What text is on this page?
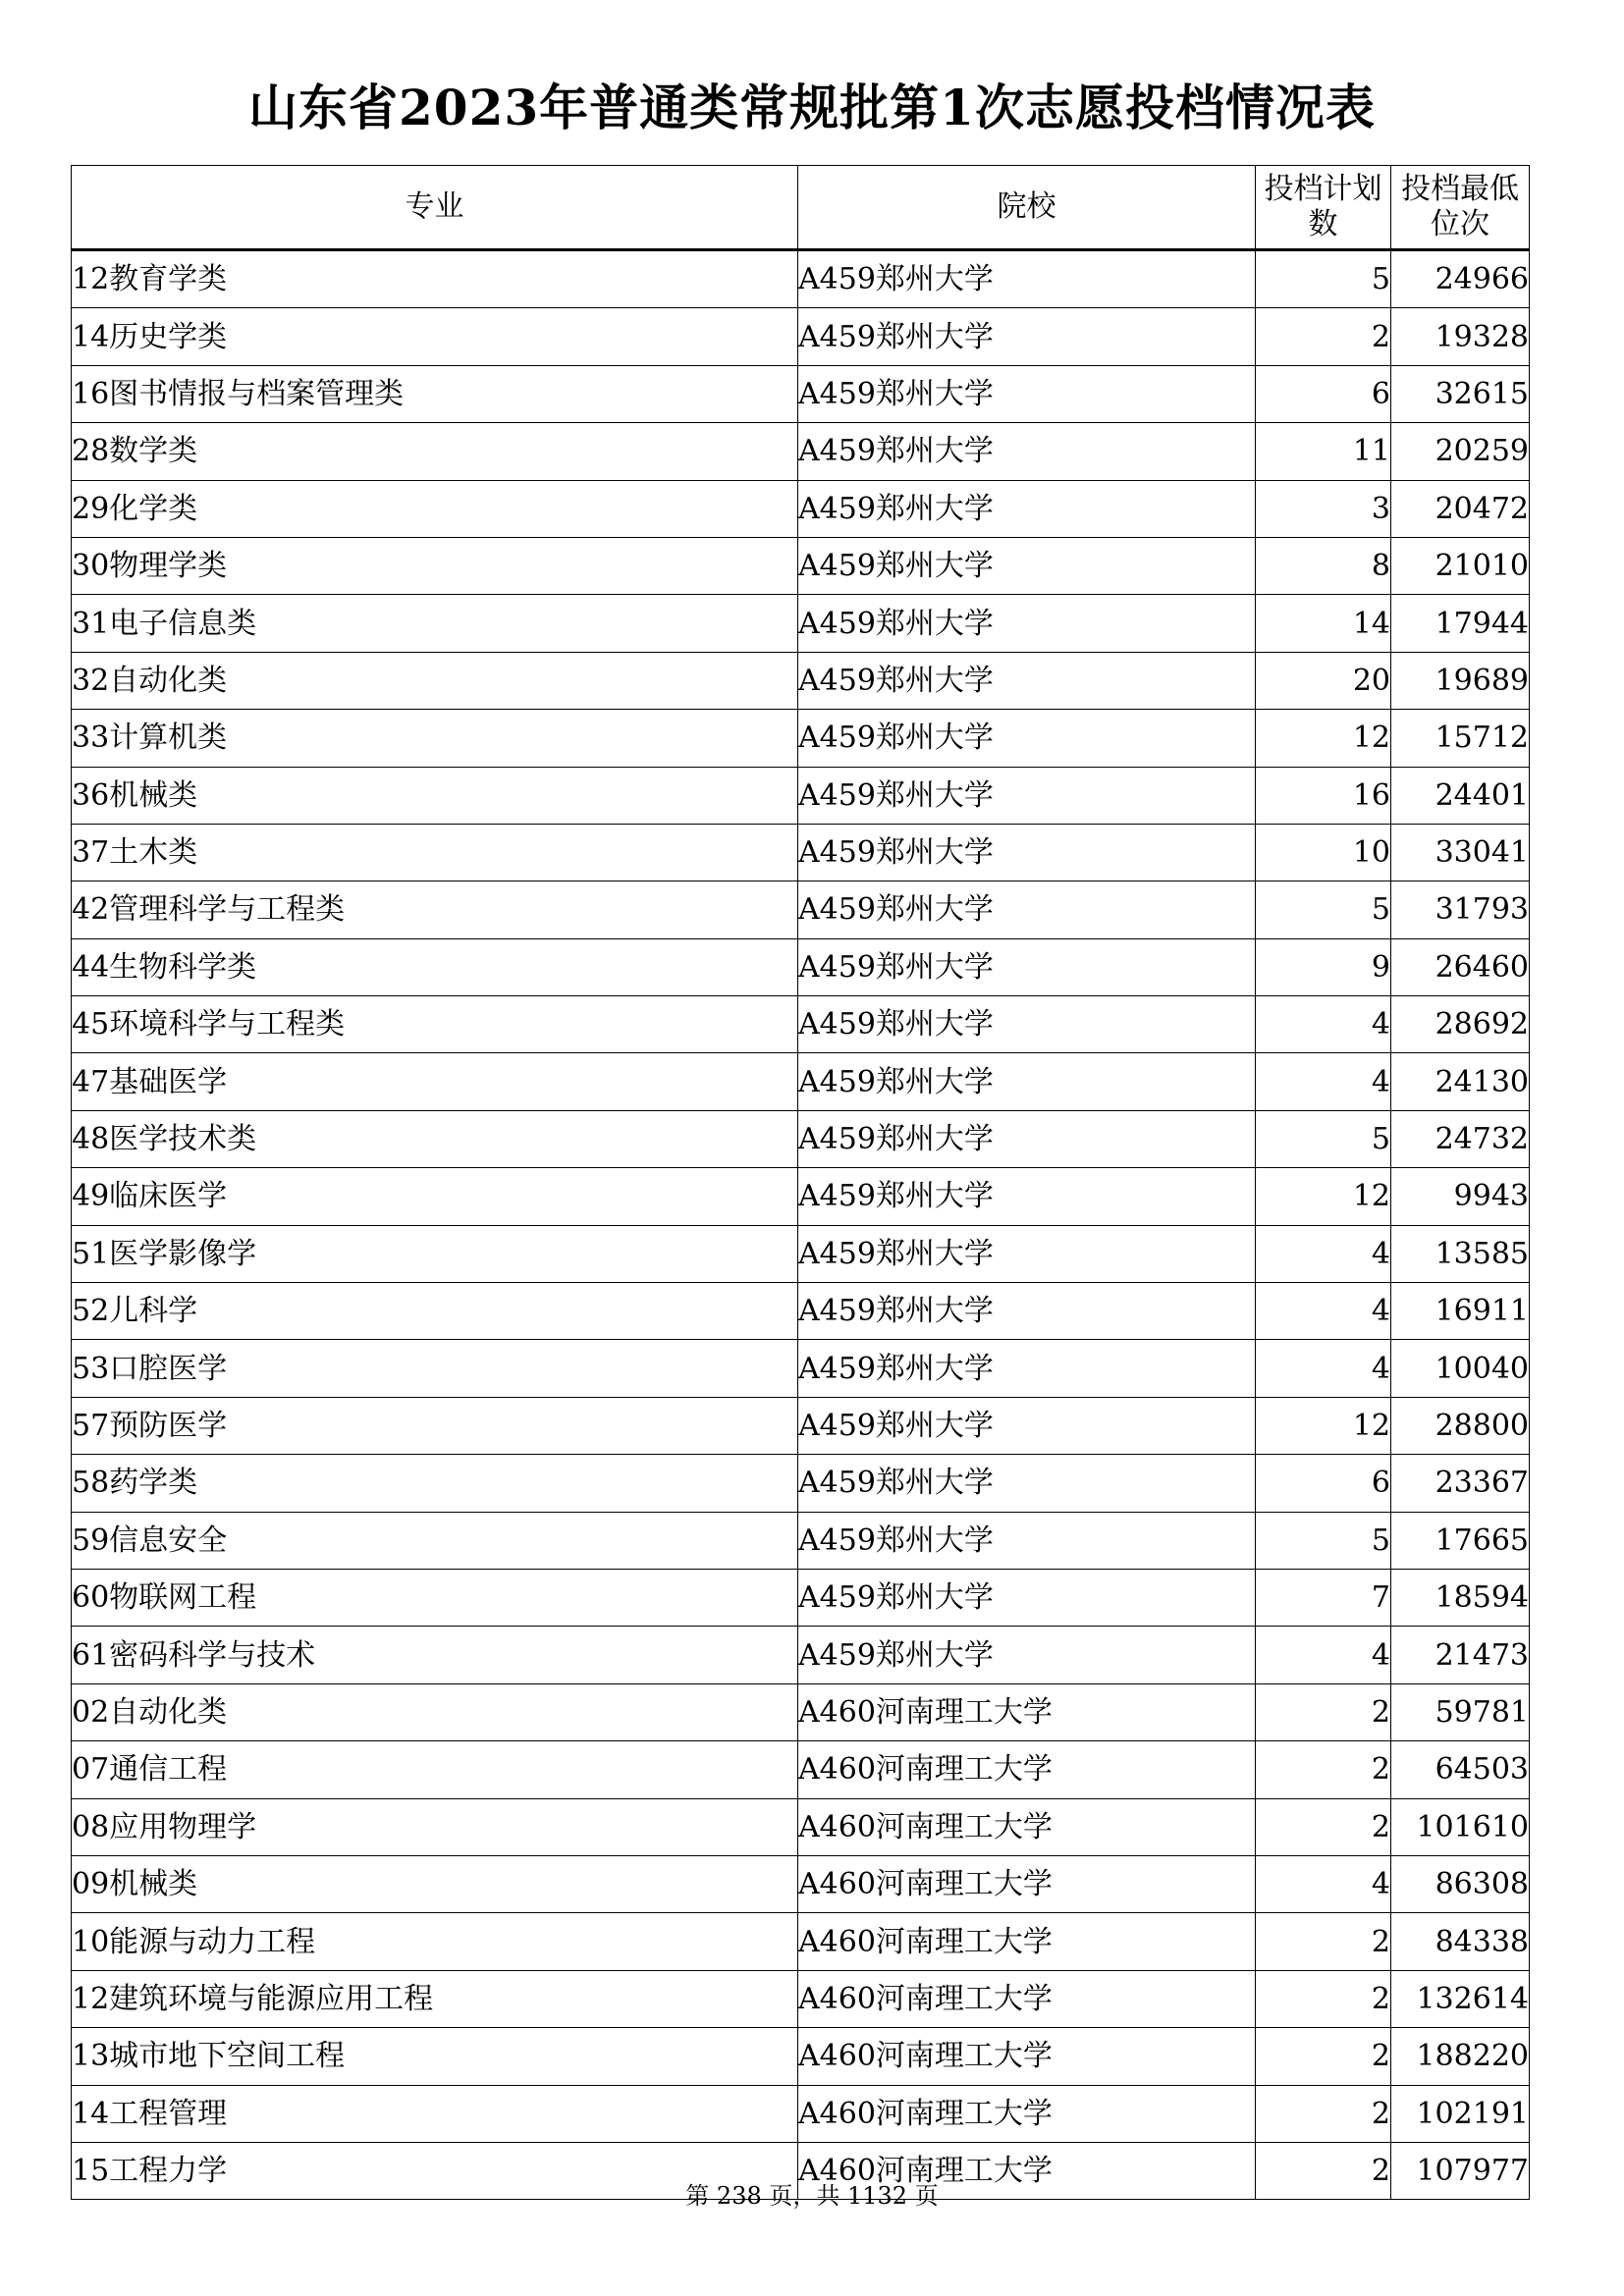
山东省2023年普通类常规批第1次志愿投档情况表
专业	院校	投档计划数	投档最低位次
12教育学类	A459郑州大学	5	24966
14历史学类	A459郑州大学	2	19328
16图书情报与档案管理类	A459郑州大学	6	32615
28数学类	A459郑州大学	11	20259
29化学类	A459郑州大学	3	20472
30物理学类	A459郑州大学	8	21010
31电子信息类	A459郑州大学	14	17944
32自动化类	A459郑州大学	20	19689
33计算机类	A459郑州大学	12	15712
36机械类	A459郑州大学	16	24401
37土木类	A459郑州大学	10	33041
42管理科学与工程类	A459郑州大学	5	31793
44生物科学类	A459郑州大学	9	26460
45环境科学与工程类	A459郑州大学	4	28692
47基础医学	A459郑州大学	4	24130
48医学技术类	A459郑州大学	5	24732
49临床医学	A459郑州大学	12	9943
51医学影像学	A459郑州大学	4	13585
52儿科学	A459郑州大学	4	16911
53口腔医学	A459郑州大学	4	10040
57预防医学	A459郑州大学	12	28800
58药学类	A459郑州大学	6	23367
59信息安全	A459郑州大学	5	17665
60物联网工程	A459郑州大学	7	18594
61密码科学与技术	A459郑州大学	4	21473
02自动化类	A460河南理工大学	2	59781
07通信工程	A460河南理工大学	2	64503
08应用物理学	A460河南理工大学	2	101610
09机械类	A460河南理工大学	4	86308
10能源与动力工程	A460河南理工大学	2	84338
12建筑环境与能源应用工程	A460河南理工大学	2	132614
13城市地下空间工程	A460河南理工大学	2	188220
14工程管理	A460河南理工大学	2	102191
15工程力学	A460河南理工大学	2	107977
第 238 页，共 1132 页
